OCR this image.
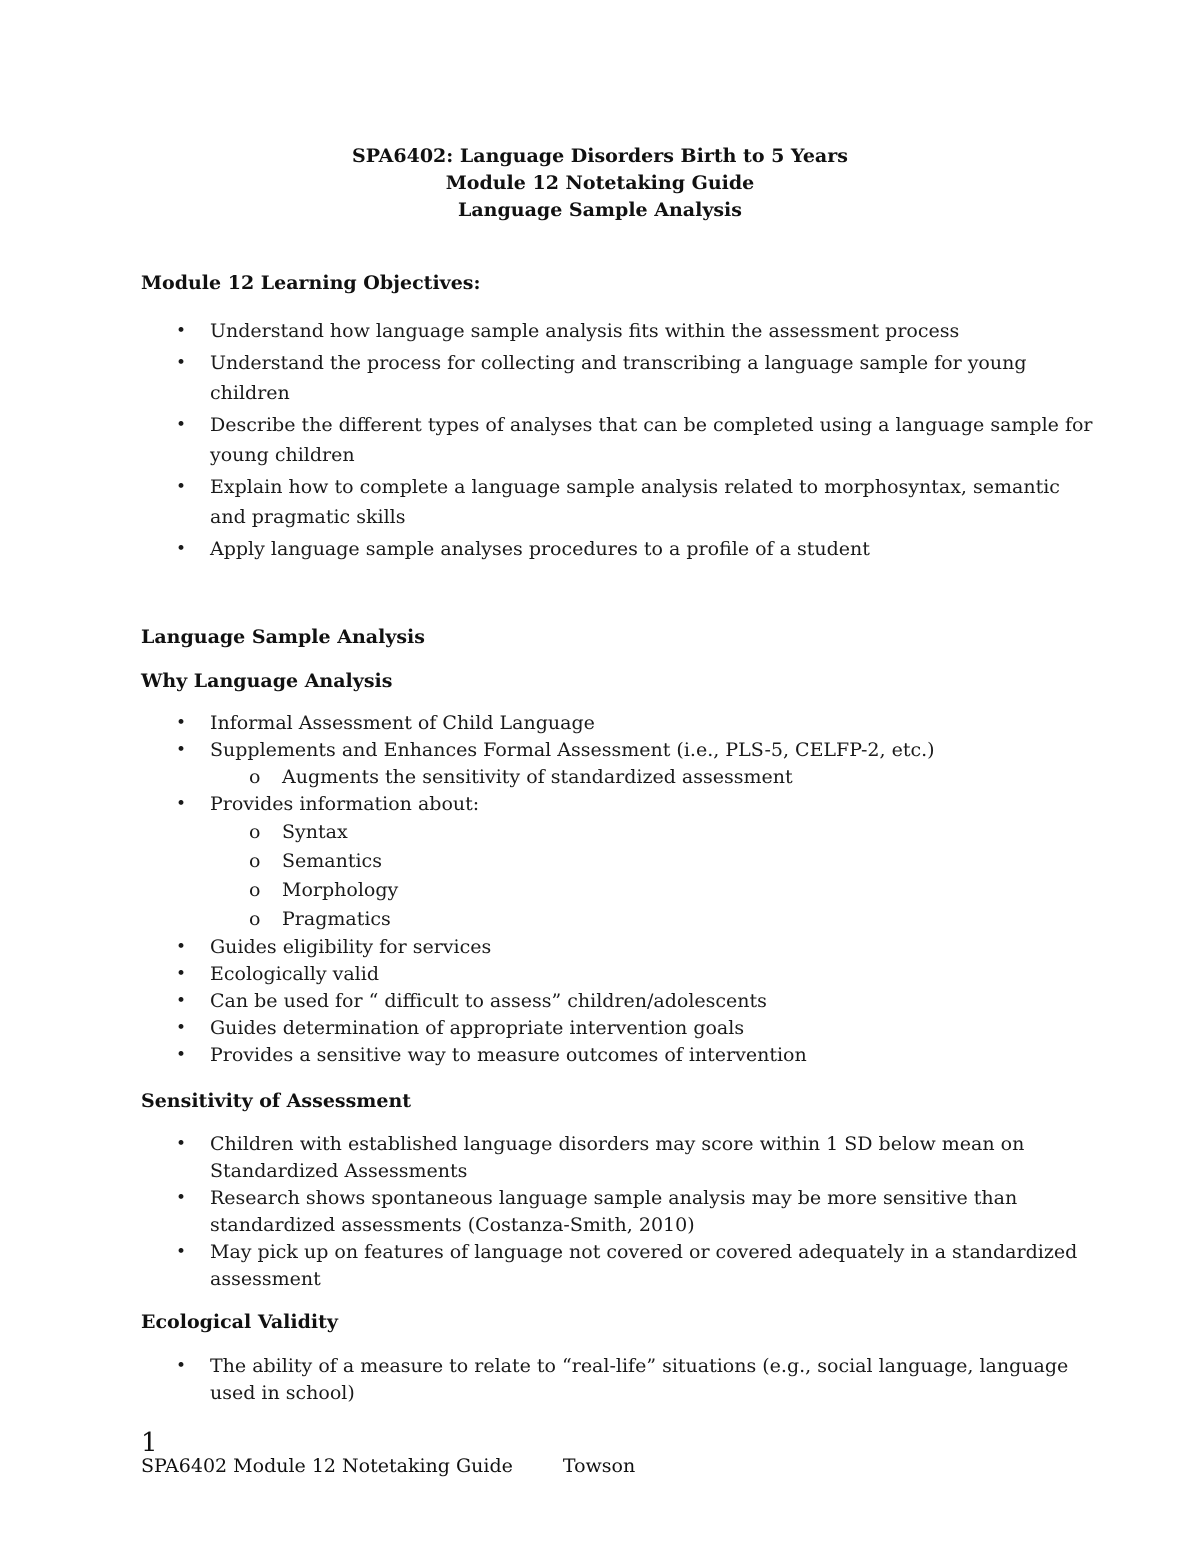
SPA6402: Language Disorders Birth to 5 Years

Module 12 Notetaking Guide

Language Sample Analysis

Module 12 Learning Objectives:

• Understand how language sample analysis fits within the assessment process
• Understand the process for collecting and transcribing a language sample for young children
• Describe the different types of analyses that can be completed using a language sample for young children
• Explain how to complete a language sample analysis related to morphosyntax, semantic and pragmatic skills
• Apply language sample analyses procedures to a profile of a student

Language Sample Analysis

Why Language Analysis

• Informal Assessment of Child Language
• Supplements and Enhances Formal Assessment (i.e., PLS-5, CELFP-2, etc.)
o Augments the sensitivity of standardized assessment
• Provides information about:
o Syntax
o Semantics
o Morphology
o Pragmatics
• Guides eligibility for services
• Ecologically valid
• Can be used for “ difficult to assess” children/adolescents
• Guides determination of appropriate intervention goals
• Provides a sensitive way to measure outcomes of intervention

Sensitivity of Assessment

• Children with established language disorders may score within 1 SD below mean on Standardized Assessments
• Research shows spontaneous language sample analysis may be more sensitive than standardized assessments (Costanza-Smith, 2010)
• May pick up on features of language not covered or covered adequately in a standardized assessment

Ecological Validity

• The ability of a measure to relate to “real-life” situations (e.g., social language, language used in school)

1

SPA6402 Module 12 Notetaking Guide	Towson
